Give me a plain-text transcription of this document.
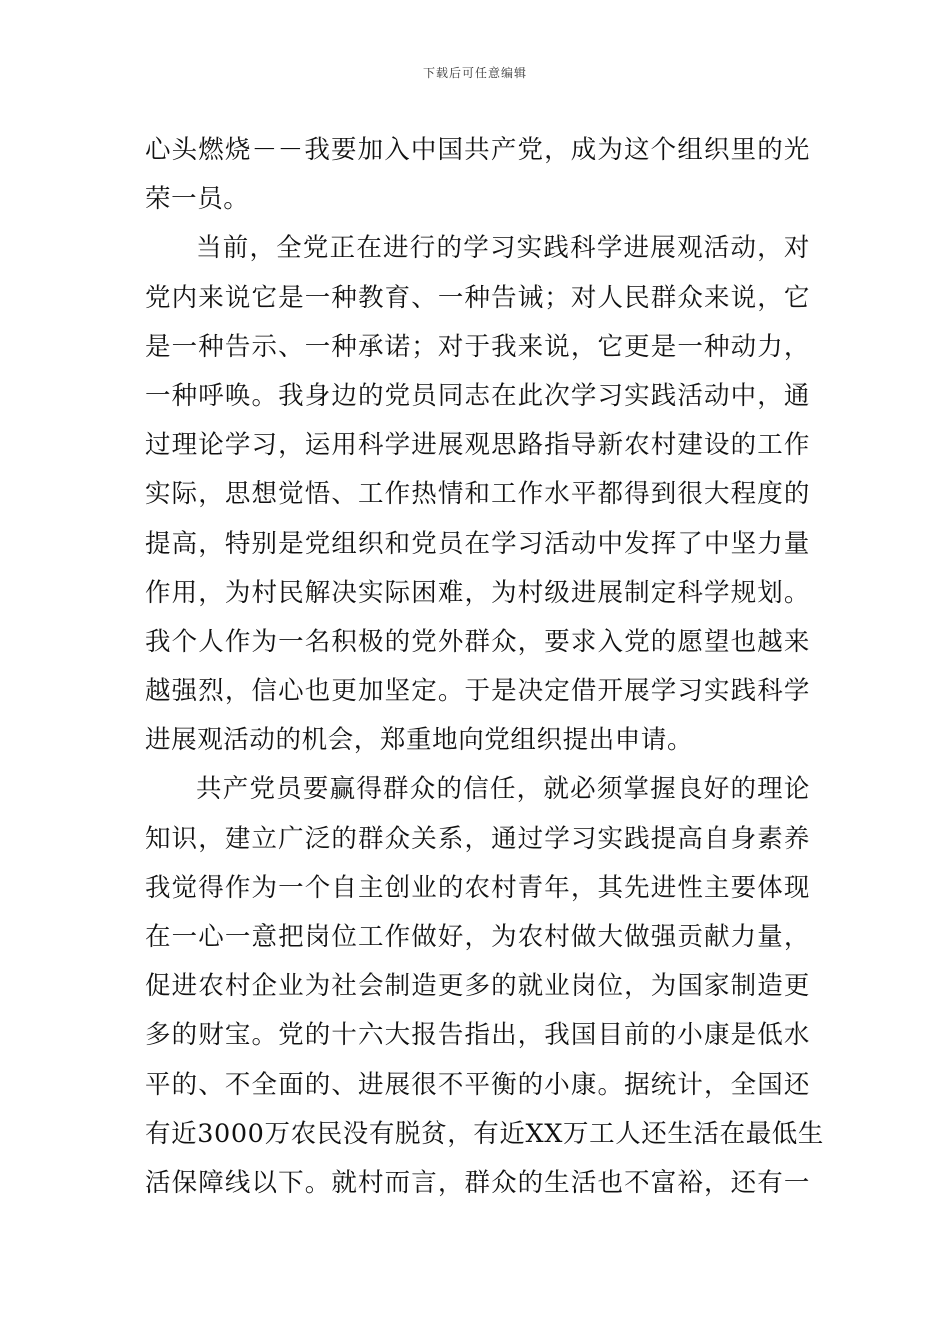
下载后可任意编辑
心头燃烧－－我要加入中国共产党，成为这个组织里的光
荣一员。
当前，全党正在进行的学习实践科学进展观活动，对
党内来说它是一种教育、一种告诫；对人民群众来说，它
是一种告示、一种承诺；对于我来说，它更是一种动力，
一种呼唤。我身边的党员同志在此次学习实践活动中，通
过理论学习，运用科学进展观思路指导新农村建设的工作
实际，思想觉悟、工作热情和工作水平都得到很大程度的
提高，特别是党组织和党员在学习活动中发挥了中坚力量
作用，为村民解决实际困难，为村级进展制定科学规划。
我个人作为一名积极的党外群众，要求入党的愿望也越来
越强烈，信心也更加坚定。于是决定借开展学习实践科学
进展观活动的机会，郑重地向党组织提出申请。
共产党员要赢得群众的信任，就必须掌握良好的理论
知识，建立广泛的群众关系，通过学习实践提高自身素养
我觉得作为一个自主创业的农村青年，其先进性主要体现
在一心一意把岗位工作做好，为农村做大做强贡献力量，
促进农村企业为社会制造更多的就业岗位，为国家制造更
多的财宝。党的十六大报告指出，我国目前的小康是低水
平的、不全面的、进展很不平衡的小康。据统计，全国还
有近3000万农民没有脱贫，有近XX万工人还生活在最低生
活保障线以下。就村而言，群众的生活也不富裕，还有一
